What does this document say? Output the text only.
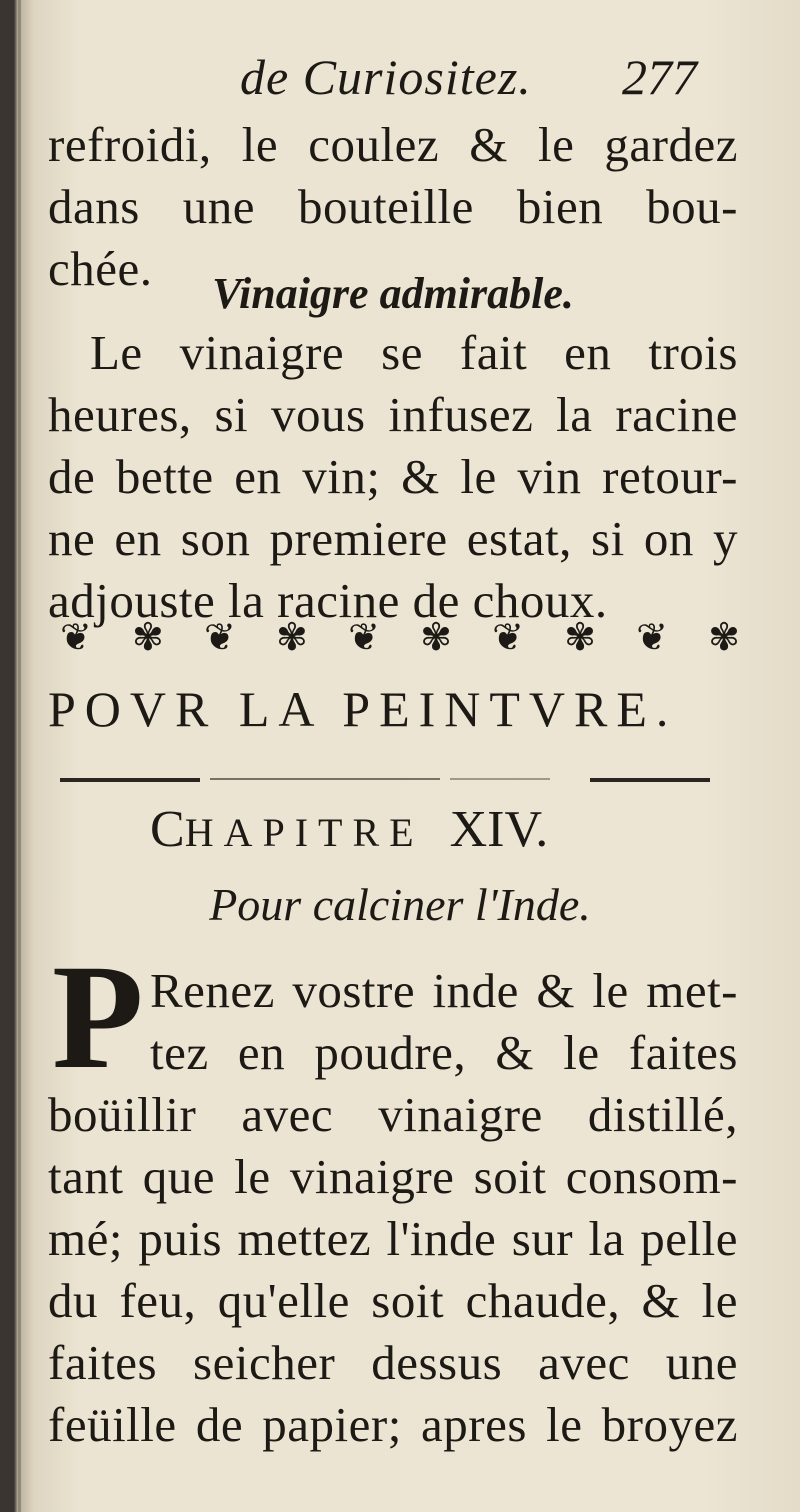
de Curiositez. 277
refroidi, le coulez & le gardez
dans une bouteille bien bou-
chée.	Vinaigre admirable.
Le vinaigre se fait en trois
heures, si vous infusez la racine
de bette en vin; & le vin retour-
ne en son premiere estat, si on y
adjouste la racine de choux.
❦ ✾ ❦ ✾ ❦ ✾ ❦ ✾ ❦ ✾
POVR LA PEINTVRE.
CHAPITRE XIV.
Pour calciner l'Inde.
P Renez vostre inde & le met-
tez en poudre, & le faites
boüillir avec vinaigre distillé,
tant que le vinaigre soit consom-
mé; puis mettez l'inde sur la pelle
du feu, qu'elle soit chaude, & le
faites seicher dessus avec une
feüille de papier; apres le broyez
